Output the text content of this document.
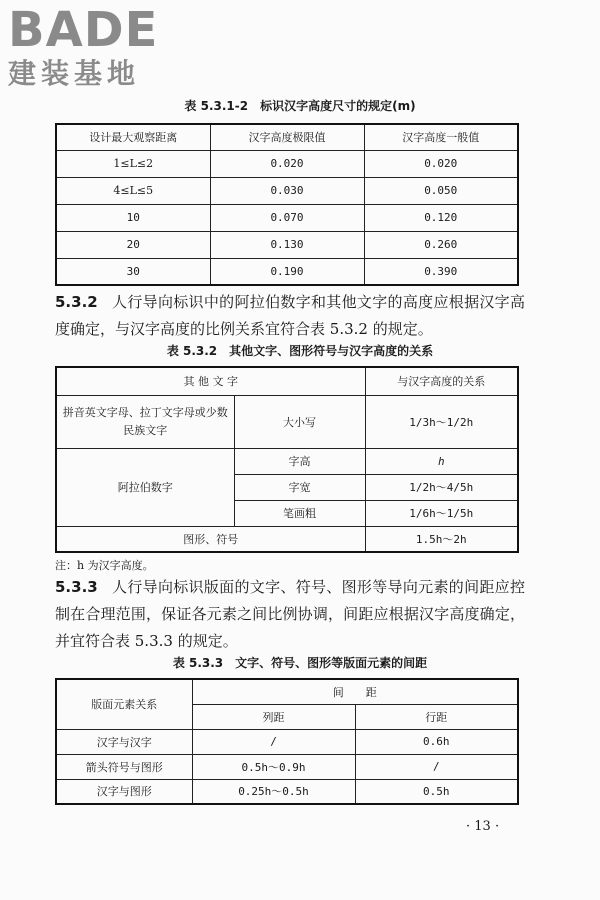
BADE
建装基地
表 5.3.1-2　标识汉字高度尺寸的规定(m)
设计最大观察距离	汉字高度极限值	汉字高度一般值
1≤L≤2	0.020	0.020
4≤L≤5	0.030	0.050
10	0.070	0.120
20	0.130	0.260
30	0.190	0.390
5.3.2 人行导向标识中的阿拉伯数字和其他文字的高度应根据汉字高度确定，与汉字高度的比例关系宜符合表 5.3.2 的规定。
表 5.3.2　其他文字、图形符号与汉字高度的关系
其 他 文 字		与汉字高度的关系
拼音英文字母、拉丁文字母或少数民族文字	大小写	1/3h～1/2h
阿拉伯数字	字高	h
	字宽	1/2h～4/5h
	笔画粗	1/6h～1/5h
图形、符号		1.5h～2h
注：h 为汉字高度。
5.3.3 人行导向标识版面的文字、符号、图形等导向元素的间距应控制在合理范围，保证各元素之间比例协调，间距应根据汉字高度确定，并宜符合表 5.3.3 的规定。
表 5.3.3　文字、符号、图形等版面元素的间距
版面元素关系	间　　距	
	列距	行距
汉字与汉字	/	0.6h
箭头符号与图形	0.5h～0.9h	/
汉字与图形	0.25h～0.5h	0.5h
· 13 ·
